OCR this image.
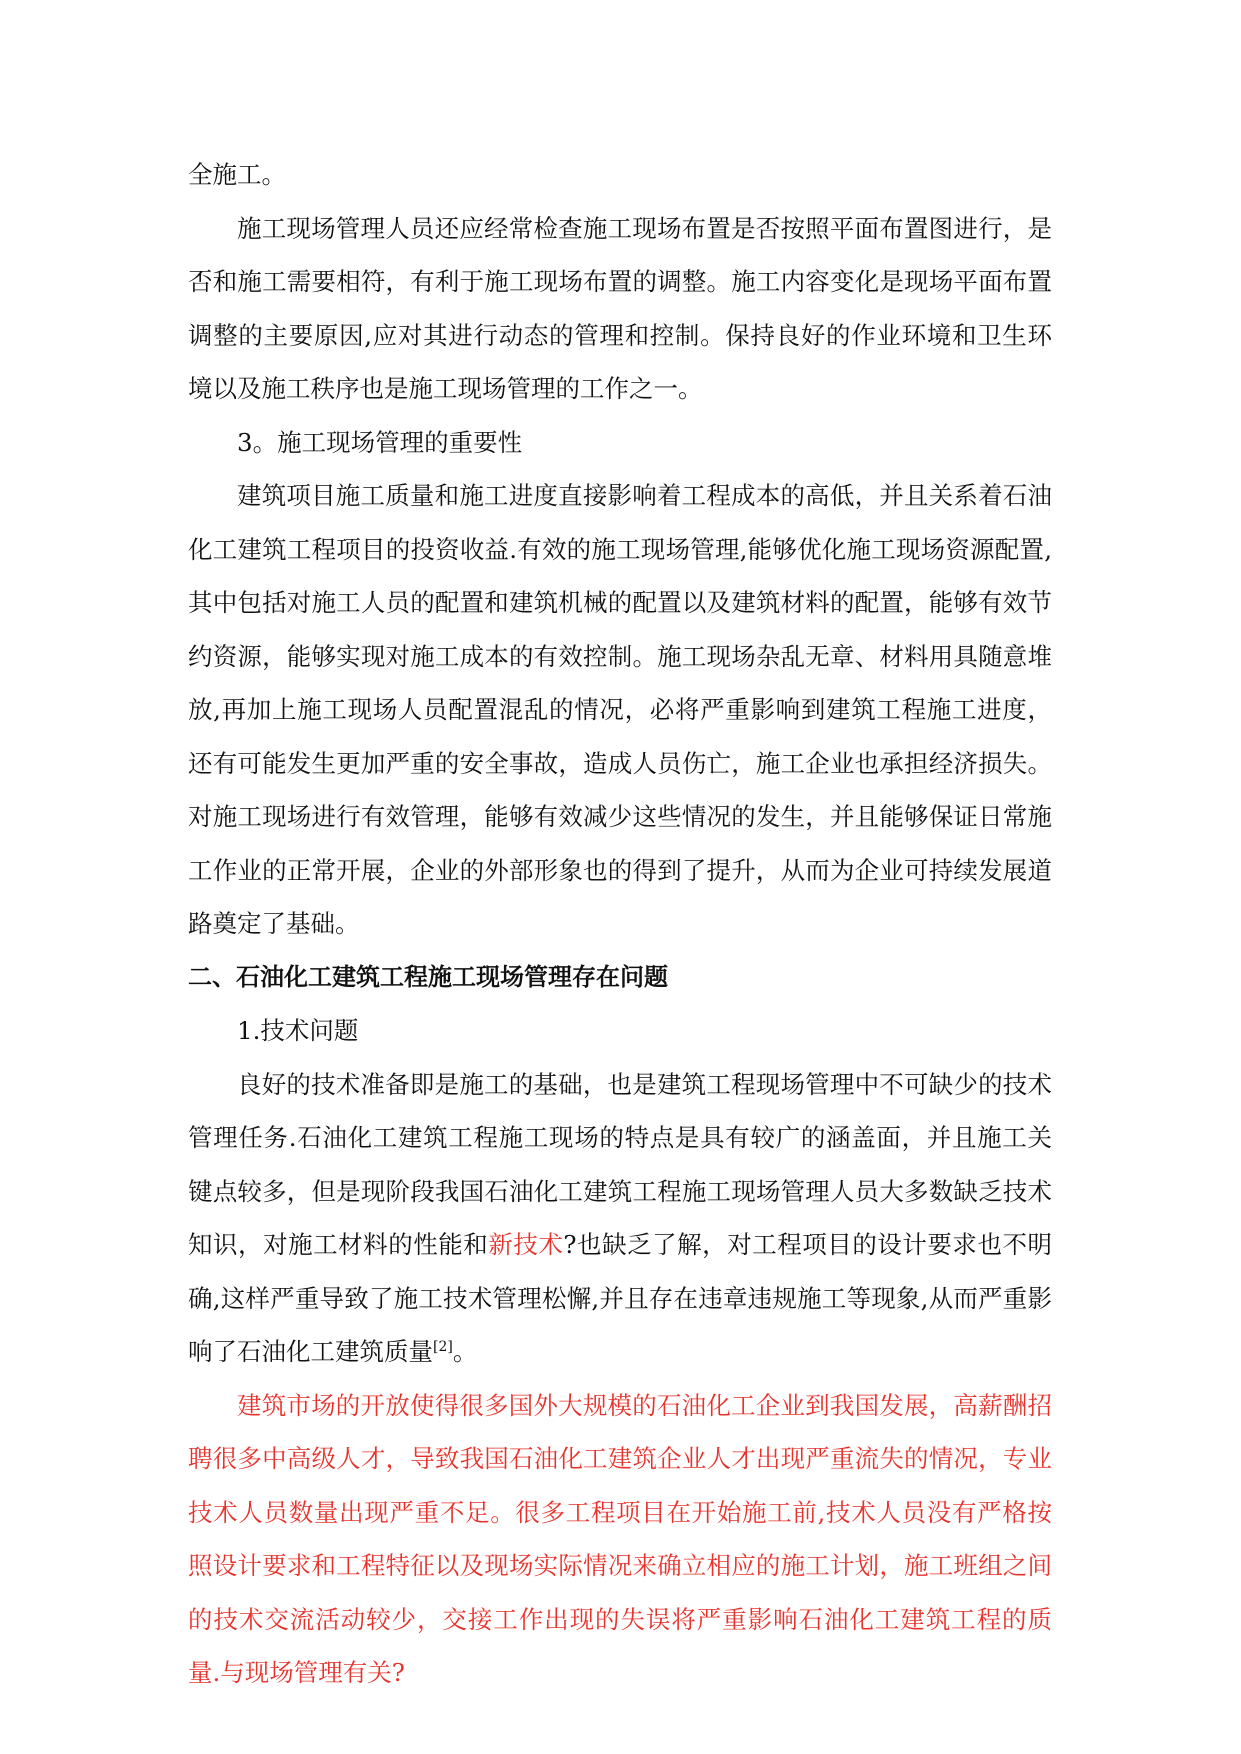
全施工。

施工现场管理人员还应经常检查施工现场布置是否按照平面布置图进行，是否和施工需要相符，有利于施工现场布置的调整。施工内容变化是现场平面布置调整的主要原因,应对其进行动态的管理和控制。保持良好的作业环境和卫生环境以及施工秩序也是施工现场管理的工作之一。

3。施工现场管理的重要性

建筑项目施工质量和施工进度直接影响着工程成本的高低，并且关系着石油化工建筑工程项目的投资收益.有效的施工现场管理,能够优化施工现场资源配置,其中包括对施工人员的配置和建筑机械的配置以及建筑材料的配置，能够有效节约资源，能够实现对施工成本的有效控制。施工现场杂乱无章、材料用具随意堆放,再加上施工现场人员配置混乱的情况，必将严重影响到建筑工程施工进度，还有可能发生更加严重的安全事故，造成人员伤亡，施工企业也承担经济损失。对施工现场进行有效管理，能够有效减少这些情况的发生，并且能够保证日常施工作业的正常开展，企业的外部形象也的得到了提升，从而为企业可持续发展道路奠定了基础。

二、石油化工建筑工程施工现场管理存在问题

1.技术问题

良好的技术准备即是施工的基础，也是建筑工程现场管理中不可缺少的技术管理任务.石油化工建筑工程施工现场的特点是具有较广的涵盖面，并且施工关键点较多，但是现阶段我国石油化工建筑工程施工现场管理人员大多数缺乏技术知识，对施工材料的性能和新技术?也缺乏了解，对工程项目的设计要求也不明确,这样严重导致了施工技术管理松懈,并且存在违章违规施工等现象,从而严重影响了石油化工建筑质量[2]。

建筑市场的开放使得很多国外大规模的石油化工企业到我国发展，高薪酬招聘很多中高级人才，导致我国石油化工建筑企业人才出现严重流失的情况，专业技术人员数量出现严重不足。很多工程项目在开始施工前,技术人员没有严格按照设计要求和工程特征以及现场实际情况来确立相应的施工计划，施工班组之间的技术交流活动较少，交接工作出现的失误将严重影响石油化工建筑工程的质量.与现场管理有关?
